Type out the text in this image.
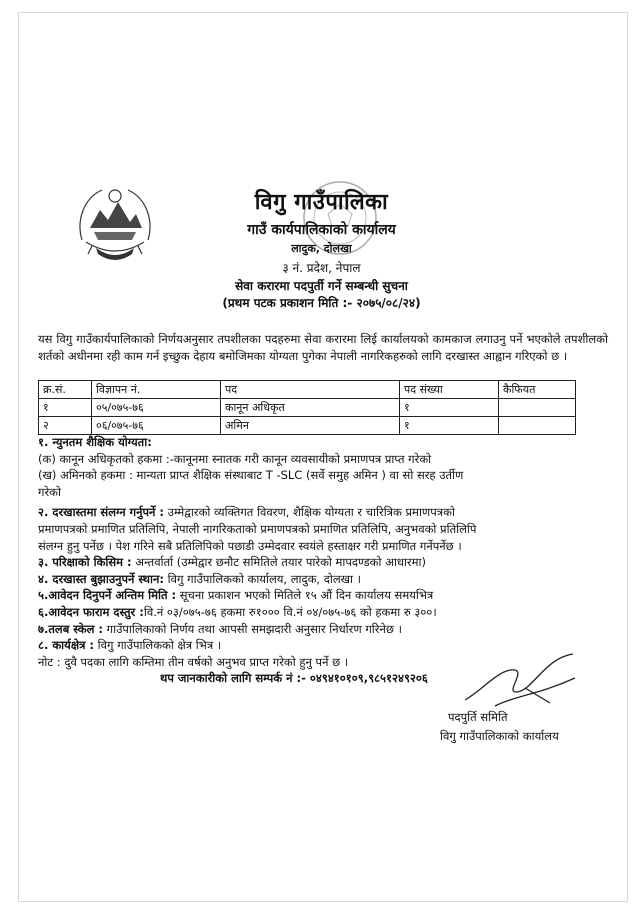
विगु गाउँपालिका
गाउँ कार्यपालिकाको कार्यालय
लादुक, दोलखा
३ नं. प्रदेश, नेपाल
सेवा करारमा पदपुर्ती गर्ने सम्बन्धी सुचना
(प्रथम पटक प्रकाशन मिति :- २०७५/०८/२४)
यस विगु गाउँकार्यपालिकाको निर्णयअनुसार तपशीलका पदहरुमा सेवा करारमा लिई कार्यालयको कामकाज लगाउनु पर्ने भएकोले तपशीलको शर्तको अधीनमा रही काम गर्न इच्छुक देहाय बमोजिमका योग्यता पुगेका नेपाली नागरिकहरुको लागि दरखास्त आह्वान गरिएको छ ।
क्र.सं.	विज्ञापन नं.	पद	पद संख्या	कैफियत
१	०५/०७५-७६	कानून अधिकृत	१	
२	०६/०७५-७६	अमिन	१	
१. न्युनतम शैक्षिक योग्यता:
(क) कानून अधिकृतको हकमा :-कानूनमा स्नातक गरी कानून व्यवसायीको प्रमाणपत्र प्राप्त गरेको
(ख) अमिनको हकमा : मान्यता प्राप्त शैक्षिक संस्थाबाट T -SLC (सर्वे समुह अमिन ) वा सो सरह उर्तीण
गरेको
२. दरखास्तमा संलग्न गर्नुपर्ने : उम्मेद्वारको व्यक्तिगत विवरण, शैक्षिक योग्यता र चारित्रिक प्रमाणपत्रको
प्रमाणपत्रको प्रमाणित प्रतिलिपि, नेपाली नागरिकताको प्रमाणपत्रको प्रमाणित प्रतिलिपि, अनुभवको प्रतिलिपि
संलग्न हुनु पर्नेछ । पेश गरिने सबै प्रतिलिपिको पछाडी उम्मेदवार स्वयंले हस्ताक्षर गरी प्रमाणित गर्नेपर्नेछ ।
३. परिक्षाको किसिम : अन्तर्वार्ता (उम्मेद्वार छनौट समितिले तयार पारेको मापदण्डको आधारमा)
४. दरखास्त बुझाउनुपर्ने स्थान: विगु गाउँपालिकको कार्यालय, लादुक, दोलखा ।
५.आवेदन दिनुपर्ने अन्तिम मिति : सूचना प्रकाशन भएको मितिले १५ औं दिन कार्यालय समयभित्र
६.आवेदन फाराम दस्तुर :वि.नं ०३/०७५-७६ हकमा रु१००० वि.नं ०४/०७५-७६ को हकमा रु ३००।
७.तलब स्केल : गाउँपालिकाको निर्णय तथा आपसी समझदारी अनुसार निर्धारण गरिनेछ ।
८. कार्यक्षेत्र : विगु गाउँपालिकको क्षेत्र भित्र ।
नोट : दुवै पदका लागि कम्तिमा तीन वर्षको अनुभव प्राप्त गरेको हुनु पर्ने छ ।
थप जानकारीको लागि सम्पर्क नं :- ०४९४१०१०९,९८५१२४९२०६
पदपुर्ति समिति
विगु गाउँपालिकाको कार्यालय
